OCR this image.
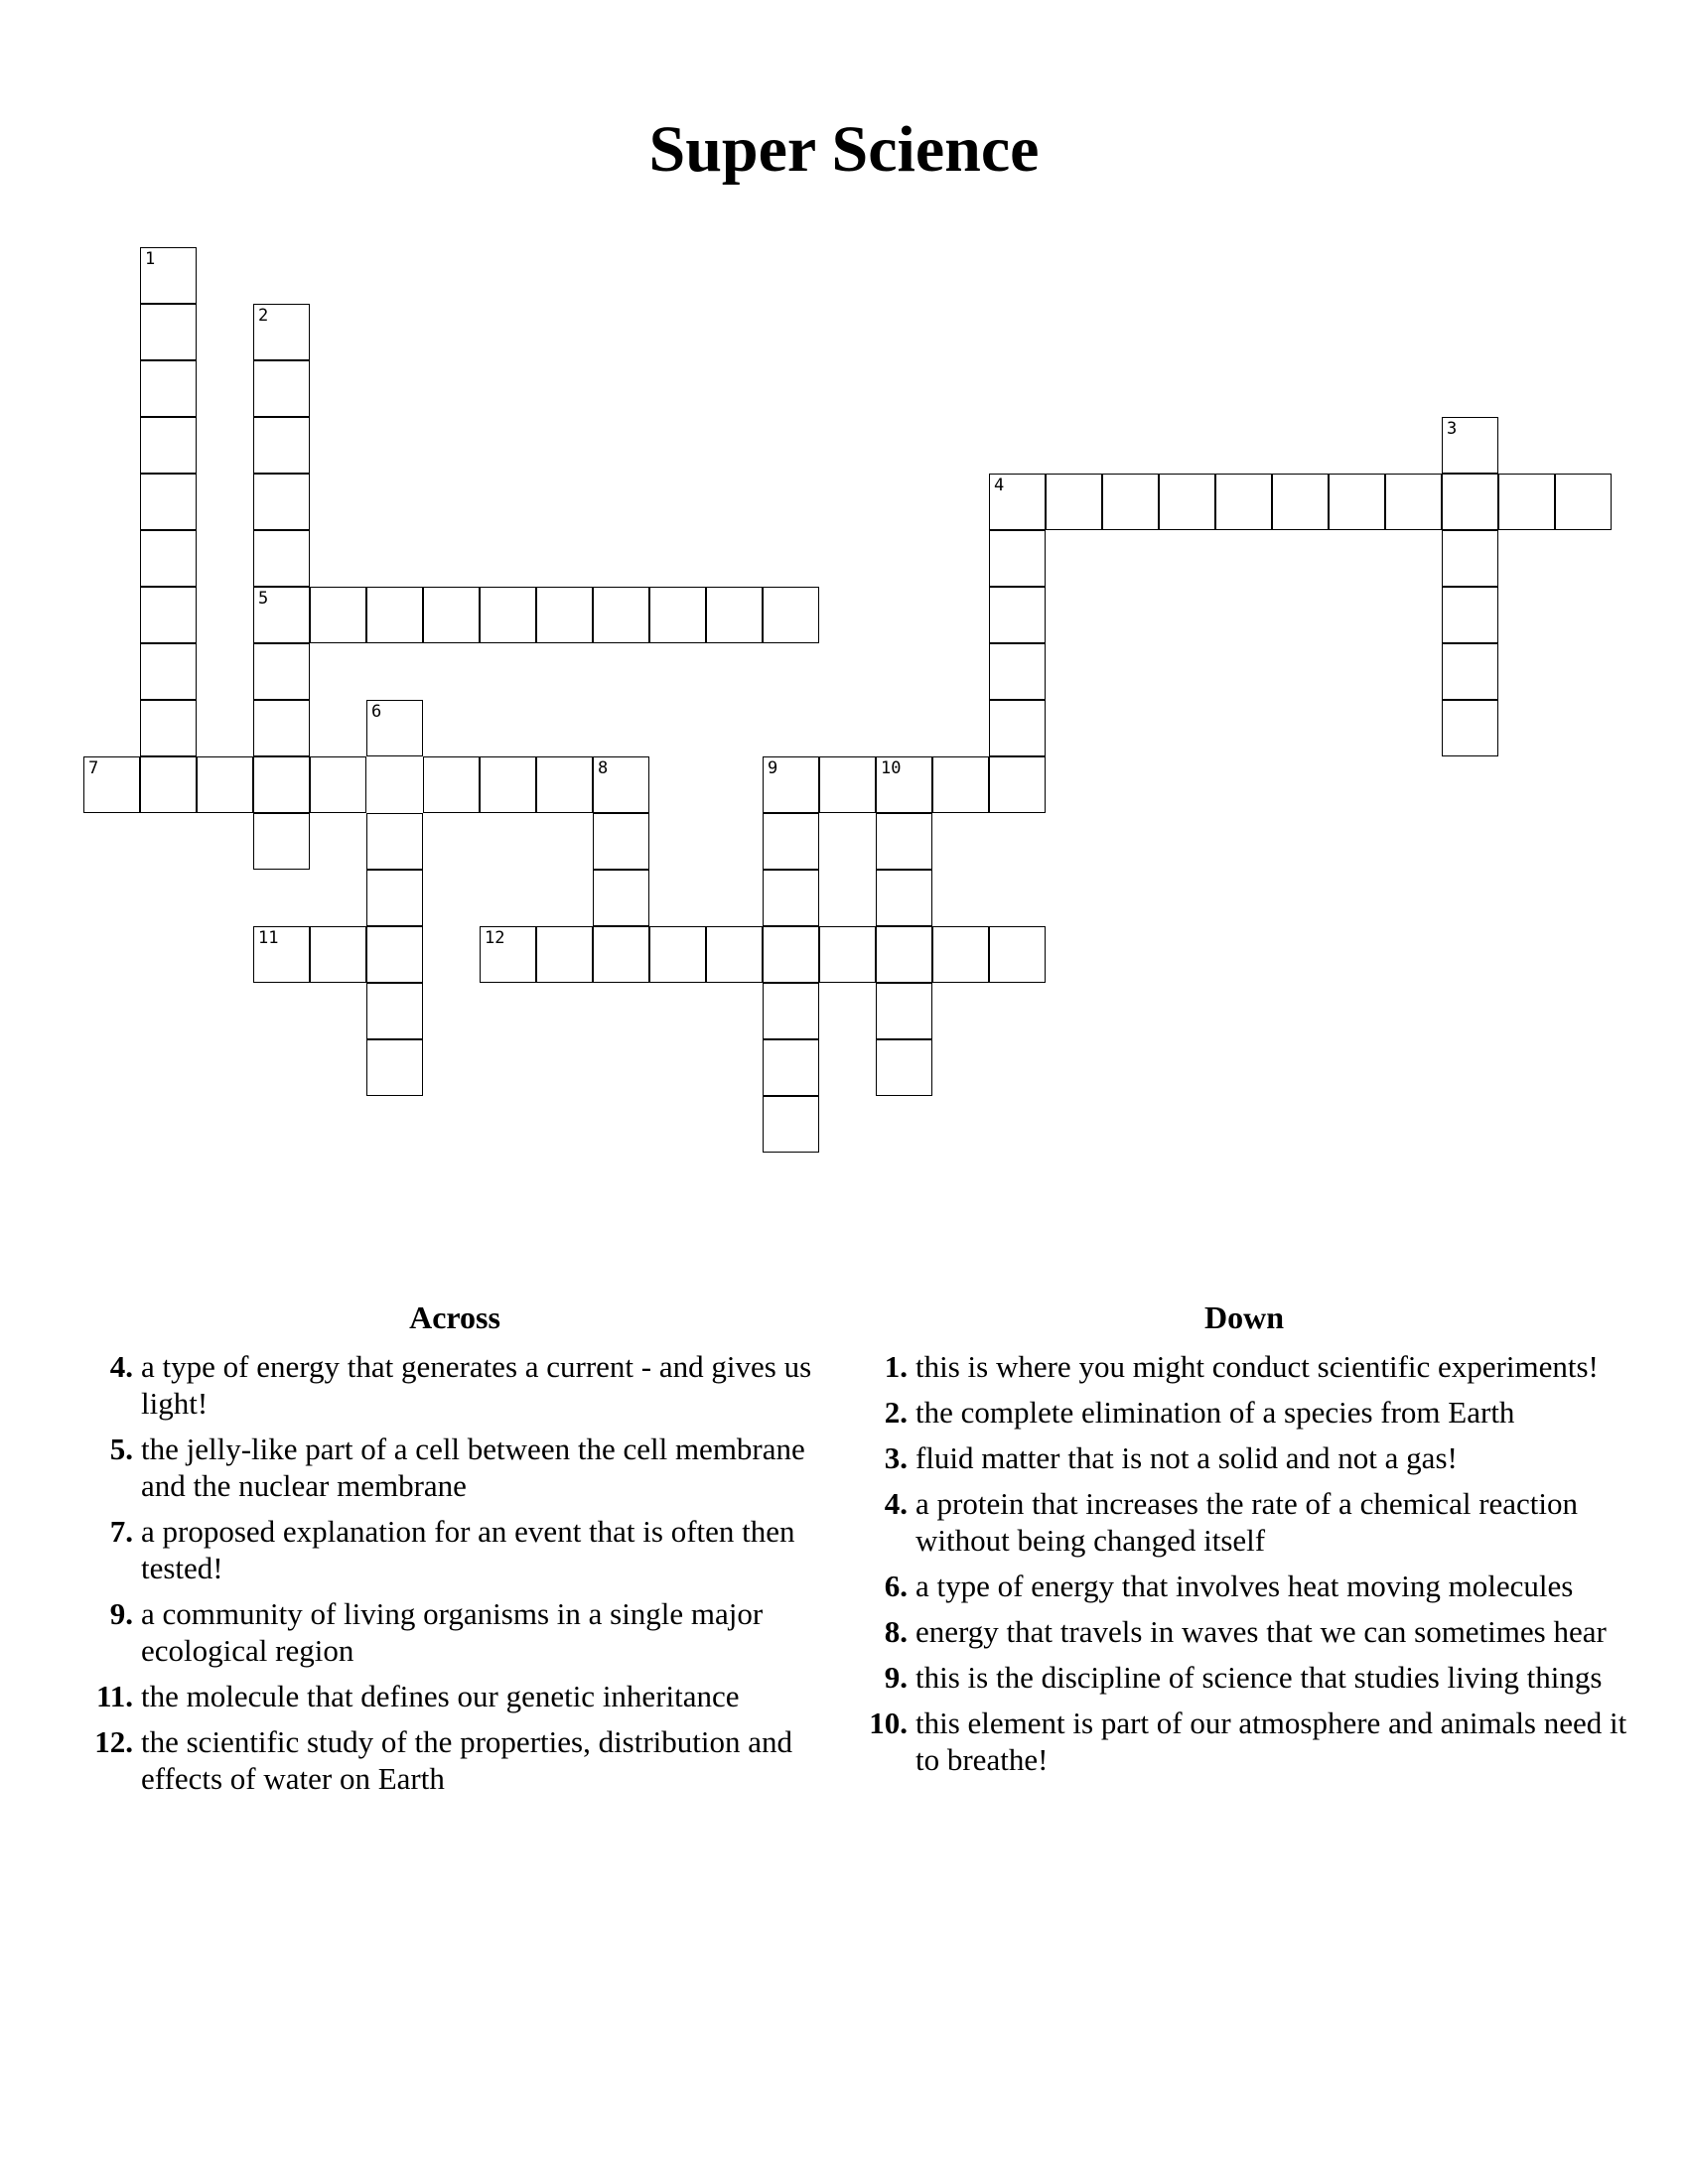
Super Science
1
2
5
7	8
6
11	12
4
3
9	10
Across
4. a type of energy that generates a current - and gives us light!
5. the jelly-like part of a cell between the cell membrane and the nuclear membrane
7. a proposed explanation for an event that is often then tested!
9. a community of living organisms in a single major ecological region
11. the molecule that defines our genetic inheritance
12. the scientific study of the properties, distribution and effects of water on Earth
Down
1. this is where you might conduct scientific experiments!
2. the complete elimination of a species from Earth
3. fluid matter that is not a solid and not a gas!
4. a protein that increases the rate of a chemical reaction without being changed itself
6. a type of energy that involves heat moving molecules
8. energy that travels in waves that we can sometimes hear
9. this is the discipline of science that studies living things
10. this element is part of our atmosphere and animals need it to breathe!
